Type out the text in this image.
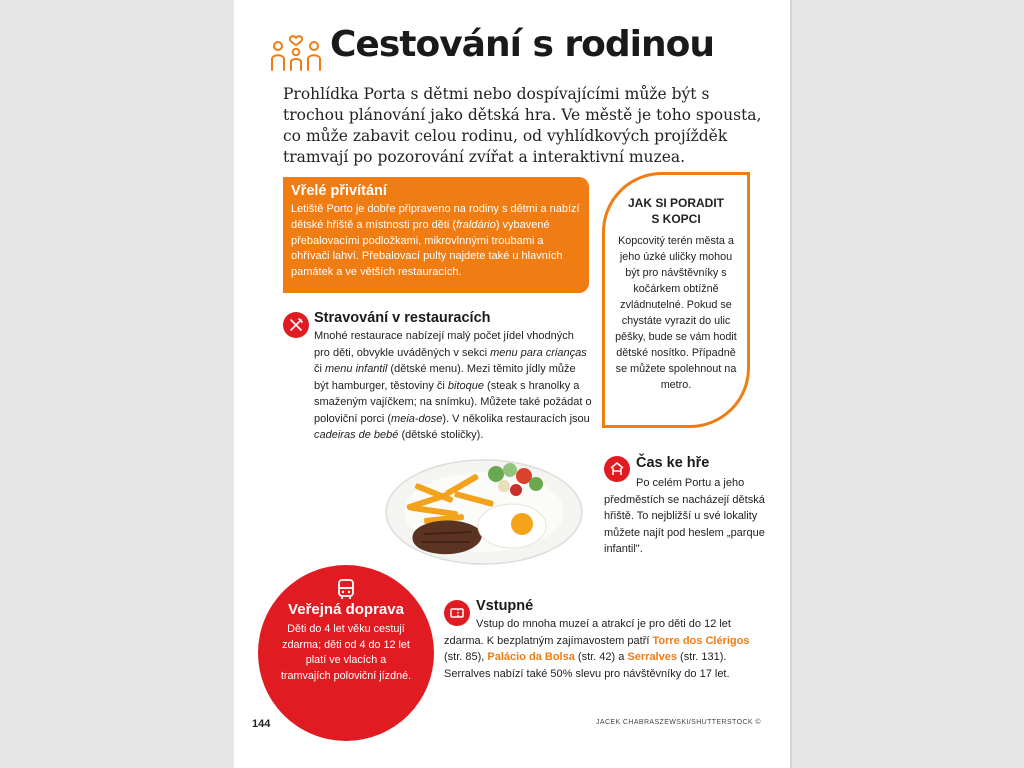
Cestování s rodinou

Prohlídka Porta s dětmi nebo dospívajícími může být s trochou plánování jako dětská hra. Ve městě je toho spousta, co může zabavit celou rodinu, od vyhlídkových projížděk tramvají po pozorování zvířat a interaktivní muzea.

Vřelé přivítání

Letiště Porto je dobře připraveno na rodiny s dětmi a nabízí dětské hřiště a místnosti pro děti (fraldário) vybavené přebalovacími podložkami, mikrovlnnými troubami a ohřívači lahví. Přebalovací pulty najdete také u hlavních památek a ve větších restauracích.

JAK SI PORADIT
S KOPCI

Kopcovitý terén města a jeho úzké uličky mohou být pro návštěvníky s kočárkem obtížně zvládnutelné. Pokud se chystáte vyrazit do ulic pěšky, bude se vám hodit dětské nosítko. Případně se můžete spolehnout na metro.

Stravování v restauracích

Mnohé restaurace nabízejí malý počet jídel vhodných pro děti, obvykle uváděných v sekci menu para crianças či menu infantil (dětské menu). Mezi těmito jídly může být hamburger, těstoviny či bitoque (steak s hranolky a smaženým vajíčkem; na snímku). Můžete také požádat o poloviční porci (meia-dose). V několika restauracích jsou cadeiras de bebé (dětské stoličky).

Čas ke hře

Po celém Portu a jeho předměstích se nacházejí dětská hřiště. To nejbližší u své lokality můžete najít pod heslem „parque infantil".

Veřejná doprava

Děti do 4 let věku cestují zdarma; děti od 4 do 12 let platí ve vlacích a tramvajích poloviční jízdné.

Vstupné

Vstup do mnoha muzeí a atrakcí je pro děti do 12 let zdarma. K bezplatným zajímavostem patří Torre dos Clérigos (str. 85), Palácio da Bolsa (str. 42) a Serralves (str. 131). Serralves nabízí také 50% slevu pro návštěvníky do 17 let.

144	JACEK CHABRASZEWSKI/SHUTTERSTOCK ©
